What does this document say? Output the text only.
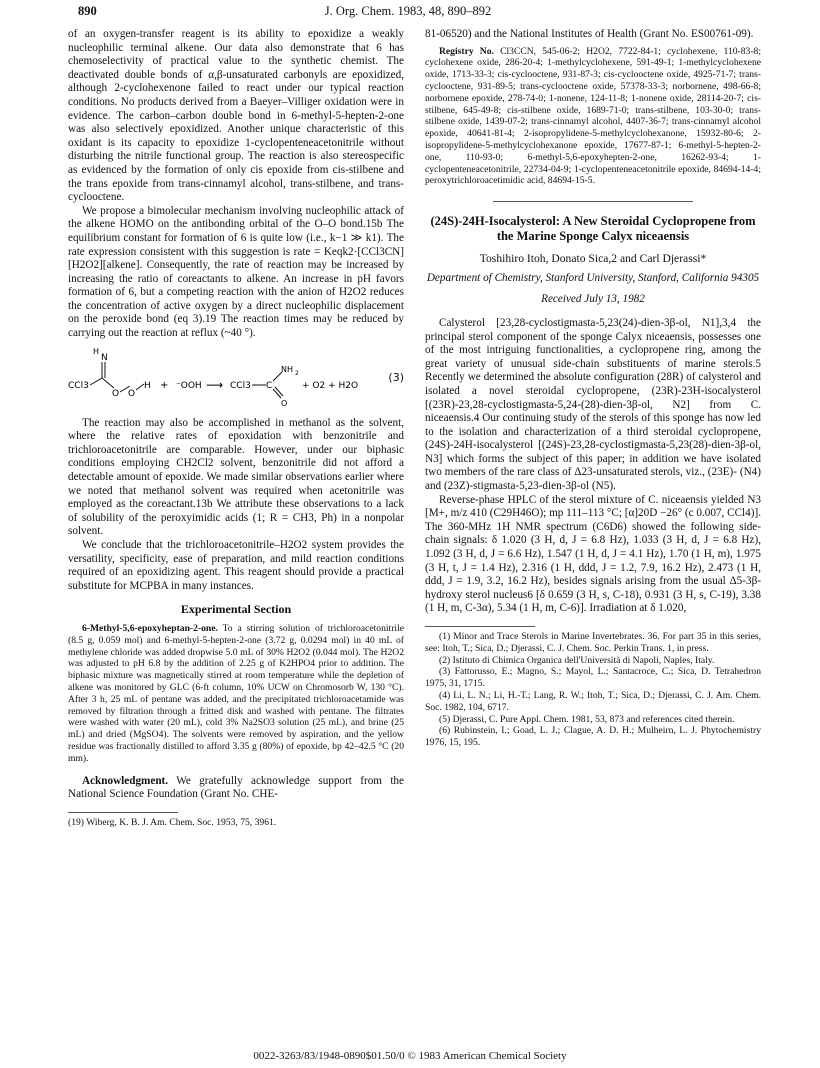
890	J. Org. Chem. 1983, 48, 890–892

of an oxygen-transfer reagent is its ability to epoxidize a weakly nucleophilic terminal alkene. Our data also demonstrate that 6 has chemoselectivity of practical value to the synthetic chemist. The deactivated double bonds of α,β-unsaturated carbonyls are epoxidized, although 2-cyclohexenone failed to react under our typical reaction conditions. No products derived from a Baeyer–Villiger oxidation were in evidence. The carbon–carbon double bond in 6-methyl-5-hepten-2-one was also selectively epoxidized. Another unique characteristic of this oxidant is its capacity to epoxidize 1-cyclopenteneacetonitrile without disturbing the nitrile functional group. The reaction is also stereospecific as evidenced by the formation of only cis epoxide from cis-stilbene and the trans epoxide from trans-cinnamyl alcohol, trans-stilbene, and trans-cyclooctene.

We propose a bimolecular mechanism involving nucleophilic attack of the alkene HOMO on the antibonding orbital of the O–O bond.15b The equilibrium constant for formation of 6 is quite low (i.e., k−1 ≫ k1). The rate expression consistent with this suggestion is rate = Keqk2·[CCl3CN][H2O2][alkene]. Consequently, the rate of reaction may be increased by increasing the ratio of coreactants to alkene. An increase in pH favors formation of 6, but a competing reaction with the anion of H2O2 reduces the concentration of active oxygen by a direct nucleophilic displacement on the peroxide bond (eq 3).19 The reaction times may be reduced by carrying out the reaction at reflux (~40 °).

CCl3
N
H
O O
H + ⁻OOH ⟶ CCl3 C
NH 2
O
+ O2 + H2O
(3)

The reaction may also be accomplished in methanol as the solvent, where the relative rates of epoxidation with benzonitrile and trichloroacetonitrile are comparable. However, under our biphasic conditions employing CH2Cl2 solvent, benzonitrile did not afford a detectable amount of epoxide. We made similar observations earlier where we noted that methanol solvent was required when acetonitrile was employed as the coreactant.13b We attribute these observations to a lack of solubility of the peroxyimidic acids (1; R = CH3, Ph) in a nonpolar solvent.

We conclude that the trichloroacetonitrile–H2O2 system provides the versatility, specificity, ease of preparation, and mild reaction conditions required of an epoxidizing agent. This reagent should provide a practical substitute for MCPBA in many instances.

Experimental Section

6-Methyl-5,6-epoxyheptan-2-one. To a stirring solution of trichloroacetonitrile (8.5 g, 0.059 mol) and 6-methyl-5-hepten-2-one (3.72 g, 0.0294 mol) in 40 mL of methylene chloride was added dropwise 5.0 mL of 30% H2O2 (0.044 mol). The H2O2 was adjusted to pH 6.8 by the addition of 2.25 g of K2HPO4 prior to addition. The biphasic mixture was magnetically stirred at room temperature while the depletion of alkene was monitored by GLC (6-ft column, 10% UCW on Chromosorb W, 130 °C). After 3 h, 25 mL of pentane was added, and the precipitated trichloroacetamide was removed by filtration through a fritted disk and washed with pentane. The filtrates were washed with water (20 mL), cold 3% Na2SO3 solution (25 mL), and brine (25 mL) and dried (MgSO4). The solvents were removed by aspiration, and the yellow residue was fractionally distilled to afford 3.35 g (80%) of epoxide, bp 42–42.5 °C (20 mm).

Acknowledgment. We gratefully acknowledge support from the National Science Foundation (Grant No. CHE-

(19) Wiberg, K. B. J. Am. Chem. Soc. 1953, 75, 3961.

81-06520) and the National Institutes of Health (Grant No. ES00761-09).

Registry No. Cl3CCN, 545-06-2; H2O2, 7722-84-1; cyclohexene, 110-83-8; cyclohexene oxide, 286-20-4; 1-methylcyclohexene, 591-49-1; 1-methylcyclohexene oxide, 1713-33-3; cis-cyclooctene, 931-87-3; cis-cyclooctene oxide, 4925-71-7; trans-cyclooctene, 931-89-5; trans-cyclooctene oxide, 57378-33-3; norbornene, 498-66-8; norbornene epoxide, 278-74-0; 1-nonene, 124-11-8; 1-nonene oxide, 28114-20-7; cis-stilbene, 645-49-8; cis-stilbene oxide, 1689-71-0; trans-stilbene, 103-30-0; trans-stilbene oxide, 1439-07-2; trans-cinnamyl alcohol, 4407-36-7; trans-cinnamyl alcohol epoxide, 40641-81-4; 2-isopropylidene-5-methylcyclohexanone, 15932-80-6; 2-isopropylidene-5-methylcyclohexanone epoxide, 17677-87-1; 6-methyl-5-hepten-2-one, 110-93-0; 6-methyl-5,6-epoxyhepten-2-one, 16262-93-4; 1-cyclopenteneacetonitrile, 22734-04-9; 1-cyclopenteneacetonitrile epoxide, 84694-14-4; peroxytrichloroacetimidic acid, 84694-15-5.

(24S)-24H-Isocalysterol: A New Steroidal Cyclopropene from the Marine Sponge Calyx niceaensis
Toshihiro Itoh, Donato Sica,2 and Carl Djerassi*
Department of Chemistry, Stanford University, Stanford, California 94305
Received July 13, 1982

Calysterol [23,28-cyclostigmasta-5,23(24)-dien-3β-ol, N1],3,4 the principal sterol component of the sponge Calyx niceaensis, possesses one of the most intriguing functionalities, a cyclopropene ring, among the great variety of unusual side-chain substituents of marine sterols.5 Recently we determined the absolute configuration (28R) of calysterol and isolated a novel steroidal cyclopropene, (23R)-23H-isocalysterol [(23R)-23,28-cyclostigmasta-5,24-(28)-dien-3β-ol, N2] from C. niceaensis.4 Our continuing study of the sterols of this sponge has now led to the isolation and characterization of a third steroidal cyclopropene, (24S)-24H-isocalysterol [(24S)-23,28-cyclostigmasta-5,23(28)-dien-3β-ol, N3] which forms the subject of this paper; in addition we have isolated two members of the rare class of Δ23-unsaturated sterols, viz., (23E)- (N4) and (23Z)-stigmasta-5,23-dien-3β-ol (N5).

Reverse-phase HPLC of the sterol mixture of C. niceaensis yielded N3 [M+, m/z 410 (C29H46O); mp 111–113 °C; [α]20D −26° (c 0.007, CCl4)]. The 360-MHz 1H NMR spectrum (C6D6) showed the following side-chain signals: δ 1.020 (3 H, d, J = 6.8 Hz), 1.033 (3 H, d, J = 6.8 Hz), 1.092 (3 H, d, J = 6.6 Hz), 1.547 (1 H, d, J = 4.1 Hz), 1.70 (1 H, m), 1.975 (3 H, t, J = 1.4 Hz), 2.316 (1 H, ddd, J = 1.2, 7.9, 16.2 Hz), 2.473 (1 H, ddd, J = 1.9, 3.2, 16.2 Hz), besides signals arising from the usual Δ5-3β-hydroxy sterol nucleus6 [δ 0.659 (3 H, s, C-18), 0.931 (3 H, s, C-19), 3.38 (1 H, m, C-3α), 5.34 (1 H, m, C-6)]. Irradiation at δ 1.020,

(1) Minor and Trace Sterols in Marine Invertebrates. 36. For part 35 in this series, see: Itoh, T.; Sica, D.; Djerassi, C. J. Chem. Soc. Perkin Trans. 1, in press.

(2) Istituto di Chimica Organica dell'Università di Napoli, Naples, Italy.

(3) Fattorusso, E.; Magno, S.; Mayol, L.; Santacroce, C.; Sica, D. Tetrahedron 1975, 31, 1715.

(4) Li, L. N.; Li, H.-T.; Lang, R. W.; Itoh, T.; Sica, D.; Djerassi, C. J. Am. Chem. Soc. 1982, 104, 6717.

(5) Djerassi, C. Pure Appl. Chem. 1981, 53, 873 and references cited therein.

(6) Rubinstein, I.; Goad, L. J.; Clague, A. D. H.; Mulheirn, L. J. Phytochemistry 1976, 15, 195.

0022-3263/83/1948-0890$01.50/0 © 1983 American Chemical Society
